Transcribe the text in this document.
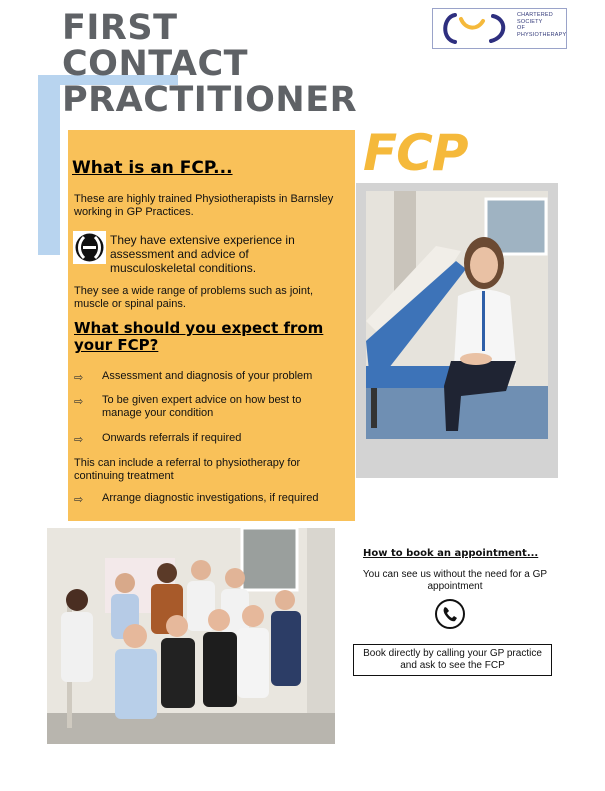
FIRST
CONTACT
PRACTITIONER
CHARTERED
SOCIETY
OF
PHYSIOTHERAPY
FCP
What is an FCP...
These are highly trained Physiotherapists in Barnsley working in GP Practices.
They have extensive experience in assessment and advice of musculoskeletal conditions.
They see a wide range of problems such as joint, muscle or spinal pains.
What should you expect from your FCP?
⇨ Assessment and diagnosis of your problem
⇨ To be given expert advice on how best to manage your condition
⇨ Onwards referrals if required
This can include a referral to physiotherapy for continuing treatment
⇨ Arrange diagnostic investigations, if required
How to book an appointment...
You can see us without the need for a GP appointment
Book directly by calling your GP practice and ask to see the FCP
